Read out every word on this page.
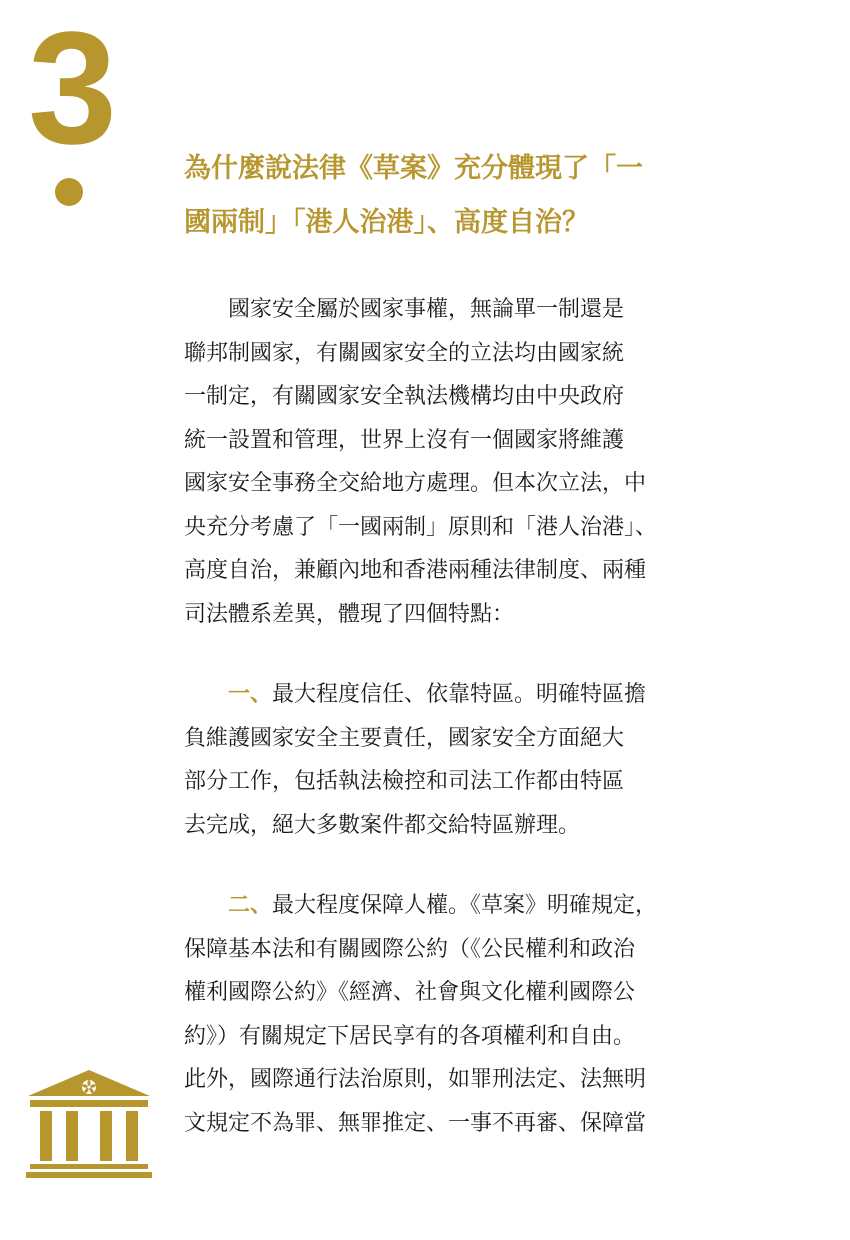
3	為什麼說法律《草案》充分體現了「一
國兩制」「港人治港」、高度自治？

　　國家安全屬於國家事權，無論單一制還是
聯邦制國家，有關國家安全的立法均由國家統
一制定，有關國家安全執法機構均由中央政府
統一設置和管理，世界上沒有一個國家將維護
國家安全事務全交給地方處理。但本次立法，中
央充分考慮了「一國兩制」原則和「港人治港」、
高度自治，兼顧內地和香港兩種法律制度、兩種
司法體系差異，體現了四個特點：

　　一、最大程度信任、依靠特區。明確特區擔
負維護國家安全主要責任，國家安全方面絕大
部分工作，包括執法檢控和司法工作都由特區
去完成，絕大多數案件都交給特區辦理。

　　二、最大程度保障人權。《草案》明確規定，
保障基本法和有關國際公約（《公民權利和政治
權利國際公約》《經濟、社會與文化權利國際公
約》）有關規定下居民享有的各項權利和自由。
此外，國際通行法治原則，如罪刑法定、法無明
文規定不為罪、無罪推定、一事不再審、保障當
